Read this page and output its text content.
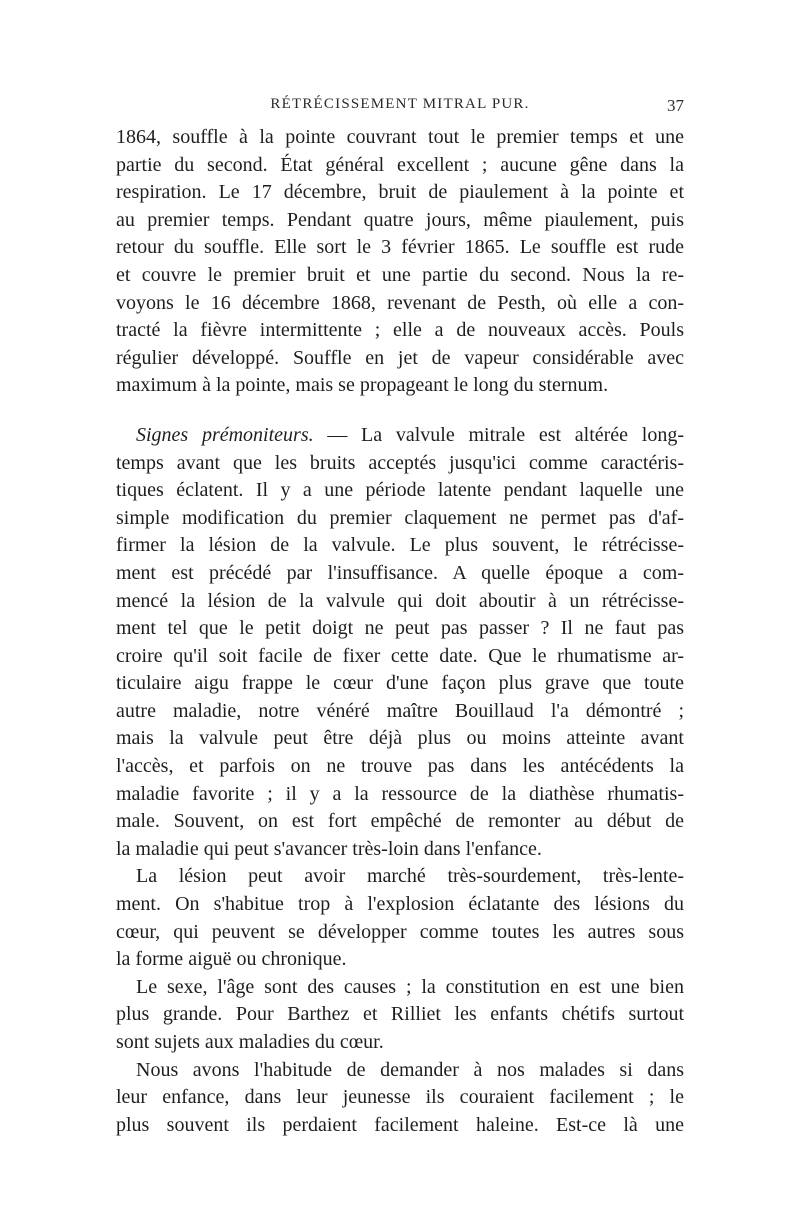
RÉTRÉCISSEMENT MITRAL PUR.	37
1864, souffle à la pointe couvrant tout le premier temps et une
partie du second. État général excellent ; aucune gêne dans la
respiration. Le 17 décembre, bruit de piaulement à la pointe et
au premier temps. Pendant quatre jours, même piaulement, puis
retour du souffle. Elle sort le 3 février 1865. Le souffle est rude
et couvre le premier bruit et une partie du second. Nous la re-
voyons le 16 décembre 1868, revenant de Pesth, où elle a con-
tracté la fièvre intermittente ; elle a de nouveaux accès. Pouls
régulier développé. Souffle en jet de vapeur considérable avec
maximum à la pointe, mais se propageant le long du sternum.
Signes prémoniteurs. — La valvule mitrale est altérée long-
temps avant que les bruits acceptés jusqu'ici comme caractéris-
tiques éclatent. Il y a une période latente pendant laquelle une
simple modification du premier claquement ne permet pas d'af-
firmer la lésion de la valvule. Le plus souvent, le rétrécisse-
ment est précédé par l'insuffisance. A quelle époque a com-
mencé la lésion de la valvule qui doit aboutir à un rétrécisse-
ment tel que le petit doigt ne peut pas passer ? Il ne faut pas
croire qu'il soit facile de fixer cette date. Que le rhumatisme ar-
ticulaire aigu frappe le cœur d'une façon plus grave que toute
autre maladie, notre vénéré maître Bouillaud l'a démontré ;
mais la valvule peut être déjà plus ou moins atteinte avant
l'accès, et parfois on ne trouve pas dans les antécédents la
maladie favorite ; il y a la ressource de la diathèse rhumatis-
male. Souvent, on est fort empêché de remonter au début de
la maladie qui peut s'avancer très-loin dans l'enfance.
La lésion peut avoir marché très-sourdement, très-lente-
ment. On s'habitue trop à l'explosion éclatante des lésions du
cœur, qui peuvent se développer comme toutes les autres sous
la forme aiguë ou chronique.
Le sexe, l'âge sont des causes ; la constitution en est une bien
plus grande. Pour Barthez et Rilliet les enfants chétifs surtout
sont sujets aux maladies du cœur.
Nous avons l'habitude de demander à nos malades si dans
leur enfance, dans leur jeunesse ils couraient facilement ; le
plus souvent ils perdaient facilement haleine. Est-ce là une
